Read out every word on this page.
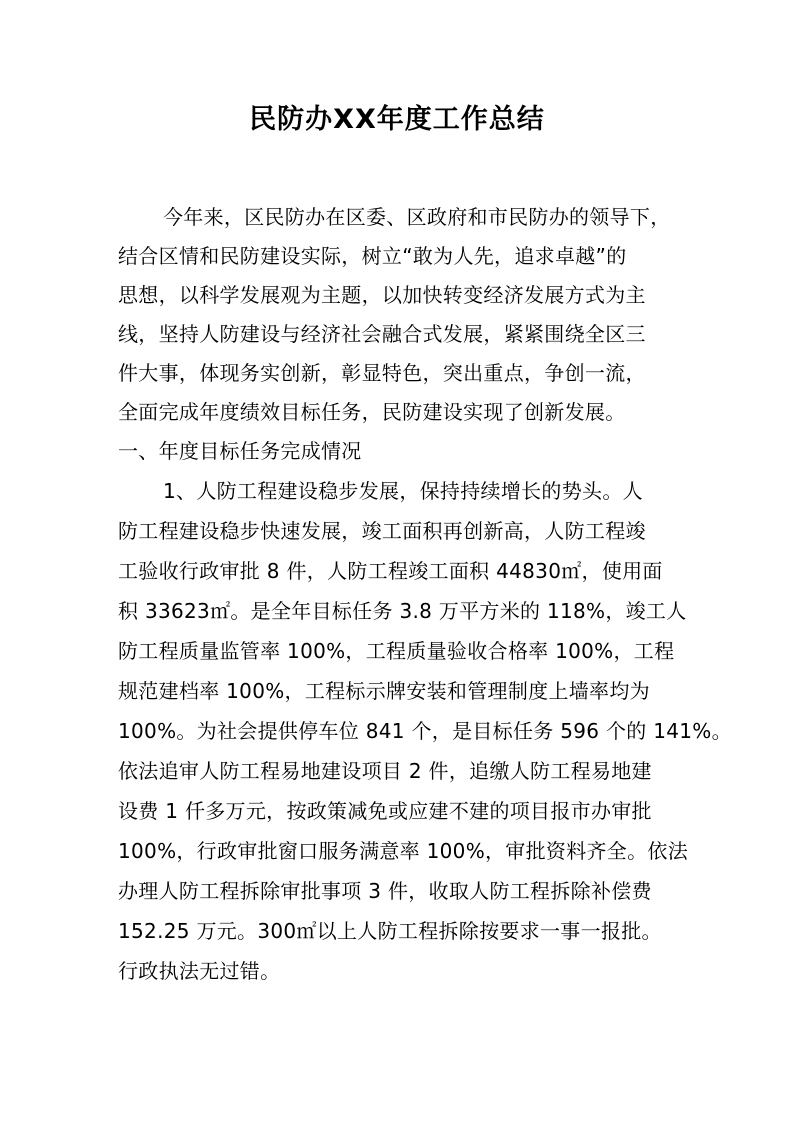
民防办XX年度工作总结
今年来，区民防办在区委、区政府和市民防办的领导下，
结合区情和民防建设实际，树立“敢为人先，追求卓越”的
思想，以科学发展观为主题，以加快转变经济发展方式为主
线，坚持人防建设与经济社会融合式发展，紧紧围绕全区三
件大事，体现务实创新，彰显特色，突出重点，争创一流，
全面完成年度绩效目标任务，民防建设实现了创新发展。
一、年度目标任务完成情况
1、人防工程建设稳步发展，保持持续增长的势头。人
防工程建设稳步快速发展，竣工面积再创新高，人防工程竣
工验收行政审批 8 件，人防工程竣工面积 44830㎡，使用面
积 33623㎡。是全年目标任务 3.8 万平方米的 118%，竣工人
防工程质量监管率 100%，工程质量验收合格率 100%，工程
规范建档率 100%，工程标示牌安装和管理制度上墙率均为
100%。为社会提供停车位 841 个，是目标任务 596 个的 141%。
依法追审人防工程易地建设项目 2 件，追缴人防工程易地建
设费 1 仟多万元，按政策减免或应建不建的项目报市办审批
100%，行政审批窗口服务满意率 100%，审批资料齐全。依法
办理人防工程拆除审批事项 3 件，收取人防工程拆除补偿费
152.25 万元。300㎡以上人防工程拆除按要求一事一报批。
行政执法无过错。
